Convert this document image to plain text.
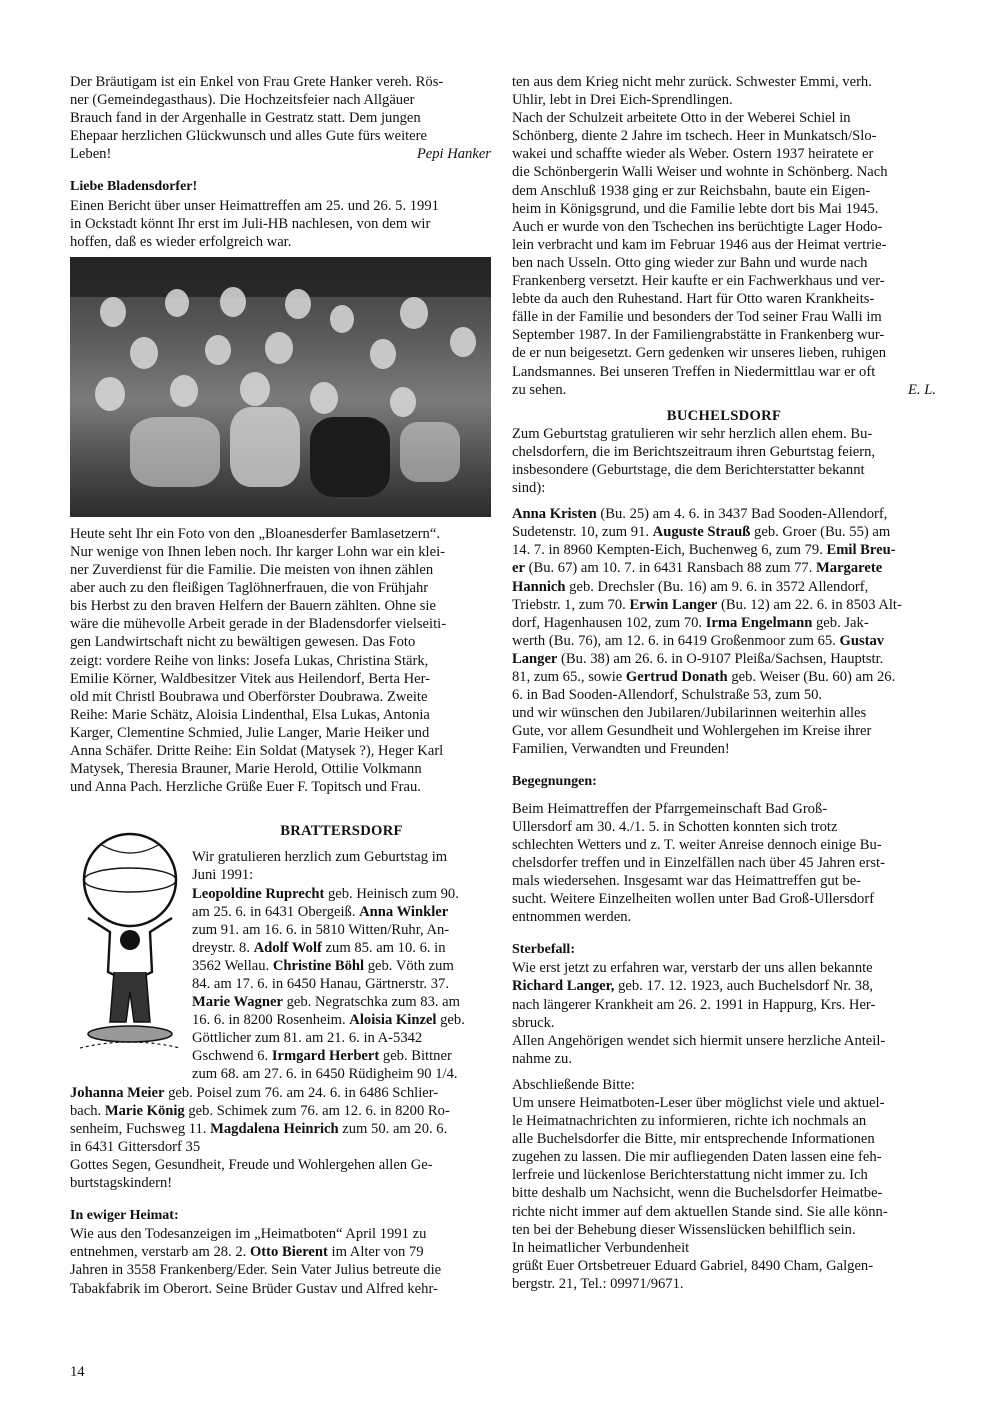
Der Bräutigam ist ein Enkel von Frau Grete Hanker vereh. Rös-

ner (Gemeindegasthaus). Die Hochzeitsfeier nach Allgäuer

Brauch fand in der Argenhalle in Gestratz statt. Dem jungen

Ehepaar herzlichen Glückwunsch und alles Gute fürs weitere

Leben!	Pepi Hanker

Liebe Bladensdorfer!

Einen Bericht über unser Heimattreffen am 25. und 26. 5. 1991

in Ockstadt könnt Ihr erst im Juli-HB nachlesen, von dem wir

hoffen, daß es wieder erfolgreich war.

Heute seht Ihr ein Foto von den „Bloanesderfer Bamlasetzern“.

Nur wenige von Ihnen leben noch. Ihr karger Lohn war ein klei-

ner Zuverdienst für die Familie. Die meisten von ihnen zählen

aber auch zu den fleißigen Taglöhnerfrauen, die von Frühjahr

bis Herbst zu den braven Helfern der Bauern zählten. Ohne sie

wäre die mühevolle Arbeit gerade in der Bladensdorfer vielseiti-

gen Landwirtschaft nicht zu bewältigen gewesen. Das Foto

zeigt: vordere Reihe von links: Josefa Lukas, Christina Stärk,

Emilie Körner, Waldbesitzer Vitek aus Heilendorf, Berta Her-

old mit Christl Boubrawa und Oberförster Doubrawa. Zweite

Reihe: Marie Schätz, Aloisia Lindenthal, Elsa Lukas, Antonia

Karger, Clementine Schmied, Julie Langer, Marie Heiker und

Anna Schäfer. Dritte Reihe: Ein Soldat (Matysek ?), Heger Karl

Matysek, Theresia Brauner, Marie Herold, Ottilie Volkmann

und Anna Pach. Herzliche Grüße Euer F. Topitsch und Frau.

BRATTERSDORF

Wir gratulieren herzlich zum Geburtstag im

Juni 1991:

Leopoldine Ruprecht geb. Heinisch zum 90.

am 25. 6. in 6431 Obergeiß. Anna Winkler

zum 91. am 16. 6. in 5810 Witten/Ruhr, An-

dreystr. 8. Adolf Wolf zum 85. am 10. 6. in

3562 Wellau. Christine Böhl geb. Vöth zum

84. am 17. 6. in 6450 Hanau, Gärtnerstr. 37.

Marie Wagner geb. Negratschka zum 83. am

16. 6. in 8200 Rosenheim. Aloisia Kinzel geb.

Göttlicher zum 81. am 21. 6. in A-5342

Gschwend 6. Irmgard Herbert geb. Bittner

zum 68. am 27. 6. in 6450 Rüdigheim 90 1/4.

Johanna Meier geb. Poisel zum 76. am 24. 6. in 6486 Schlier-

bach. Marie König geb. Schimek zum 76. am 12. 6. in 8200 Ro-

senheim, Fuchsweg 11. Magdalena Heinrich zum 50. am 20. 6.

in 6431 Gittersdorf 35

Gottes Segen, Gesundheit, Freude und Wohlergehen allen Ge-

burtstagskindern!

In ewiger Heimat:

Wie aus den Todesanzeigen im „Heimatboten“ April 1991 zu

entnehmen, verstarb am 28. 2. Otto Bierent im Alter von 79

Jahren in 3558 Frankenberg/Eder. Sein Vater Julius betreute die

Tabakfabrik im Oberort. Seine Brüder Gustav und Alfred kehr-

ten aus dem Krieg nicht mehr zurück. Schwester Emmi, verh.

Uhlir, lebt in Drei Eich-Sprendlingen.

Nach der Schulzeit arbeitete Otto in der Weberei Schiel in

Schönberg, diente 2 Jahre im tschech. Heer in Munkatsch/Slo-

wakei und schaffte wieder als Weber. Ostern 1937 heiratete er

die Schönbergerin Walli Weiser und wohnte in Schönberg. Nach

dem Anschluß 1938 ging er zur Reichsbahn, baute ein Eigen-

heim in Königsgrund, und die Familie lebte dort bis Mai 1945.

Auch er wurde von den Tschechen ins berüchtigte Lager Hodo-

lein verbracht und kam im Februar 1946 aus der Heimat vertrie-

ben nach Usseln. Otto ging wieder zur Bahn und wurde nach

Frankenberg versetzt. Heir kaufte er ein Fachwerkhaus und ver-

lebte da auch den Ruhestand. Hart für Otto waren Krankheits-

fälle in der Familie und besonders der Tod seiner Frau Walli im

September 1987. In der Familiengrabstätte in Frankenberg wur-

de er nun beigesetzt. Gern gedenken wir unseres lieben, ruhigen

Landsmannes. Bei unseren Treffen in Niedermittlau war er oft

zu sehen.	E. L.

BUCHELSDORF

Zum Geburtstag gratulieren wir sehr herzlich allen ehem. Bu-

chelsdorfern, die im Berichtszeitraum ihren Geburtstag feiern,

insbesondere (Geburtstage, die dem Berichterstatter bekannt

sind):

Anna Kristen (Bu. 25) am 4. 6. in 3437 Bad Sooden-Allendorf,

Sudetenstr. 10, zum 91. Auguste Strauß geb. Groer (Bu. 55) am

14. 7. in 8960 Kempten-Eich, Buchenweg 6, zum 79. Emil Breu-

er (Bu. 67) am 10. 7. in 6431 Ransbach 88 zum 77. Margarete

Hannich geb. Drechsler (Bu. 16) am 9. 6. in 3572 Allendorf,

Triebstr. 1, zum 70. Erwin Langer (Bu. 12) am 22. 6. in 8503 Alt-

dorf, Hagenhausen 102, zum 70. Irma Engelmann geb. Jak-

werth (Bu. 76), am 12. 6. in 6419 Großenmoor zum 65. Gustav

Langer (Bu. 38) am 26. 6. in O-9107 Pleißa/Sachsen, Hauptstr.

81, zum 65., sowie Gertrud Donath geb. Weiser (Bu. 60) am 26.

6. in Bad Sooden-Allendorf, Schulstraße 53, zum 50.

und wir wünschen den Jubilaren/Jubilarinnen weiterhin alles

Gute, vor allem Gesundheit und Wohlergehen im Kreise ihrer

Familien, Verwandten und Freunden!

Begegnungen:

Beim Heimattreffen der Pfarrgemeinschaft Bad Groß-

Ullersdorf am 30. 4./1. 5. in Schotten konnten sich trotz

schlechten Wetters und z. T. weiter Anreise dennoch einige Bu-

chelsdorfer treffen und in Einzelfällen nach über 45 Jahren erst-

mals wiedersehen. Insgesamt war das Heimattreffen gut be-

sucht. Weitere Einzelheiten wollen unter Bad Groß-Ullersdorf

entnommen werden.

Sterbefall:

Wie erst jetzt zu erfahren war, verstarb der uns allen bekannte

Richard Langer, geb. 17. 12. 1923, auch Buchelsdorf Nr. 38,

nach längerer Krankheit am 26. 2. 1991 in Happurg, Krs. Her-

sbruck.

Allen Angehörigen wendet sich hiermit unsere herzliche Anteil-

nahme zu.

Abschließende Bitte:

Um unsere Heimatboten-Leser über möglichst viele und aktuel-

le Heimatnachrichten zu informieren, richte ich nochmals an

alle Buchelsdorfer die Bitte, mir entsprechende Informationen

zugehen zu lassen. Die mir aufliegenden Daten lassen eine feh-

lerfreie und lückenlose Berichterstattung nicht immer zu. Ich

bitte deshalb um Nachsicht, wenn die Buchelsdorfer Heimatbe-

richte nicht immer auf dem aktuellen Stande sind. Sie alle könn-

ten bei der Behebung dieser Wissenslücken behilflich sein.

In heimatlicher Verbundenheit

grüßt Euer Ortsbetreuer Eduard Gabriel, 8490 Cham, Galgen-

bergstr. 21, Tel.: 09971/9671.

14
